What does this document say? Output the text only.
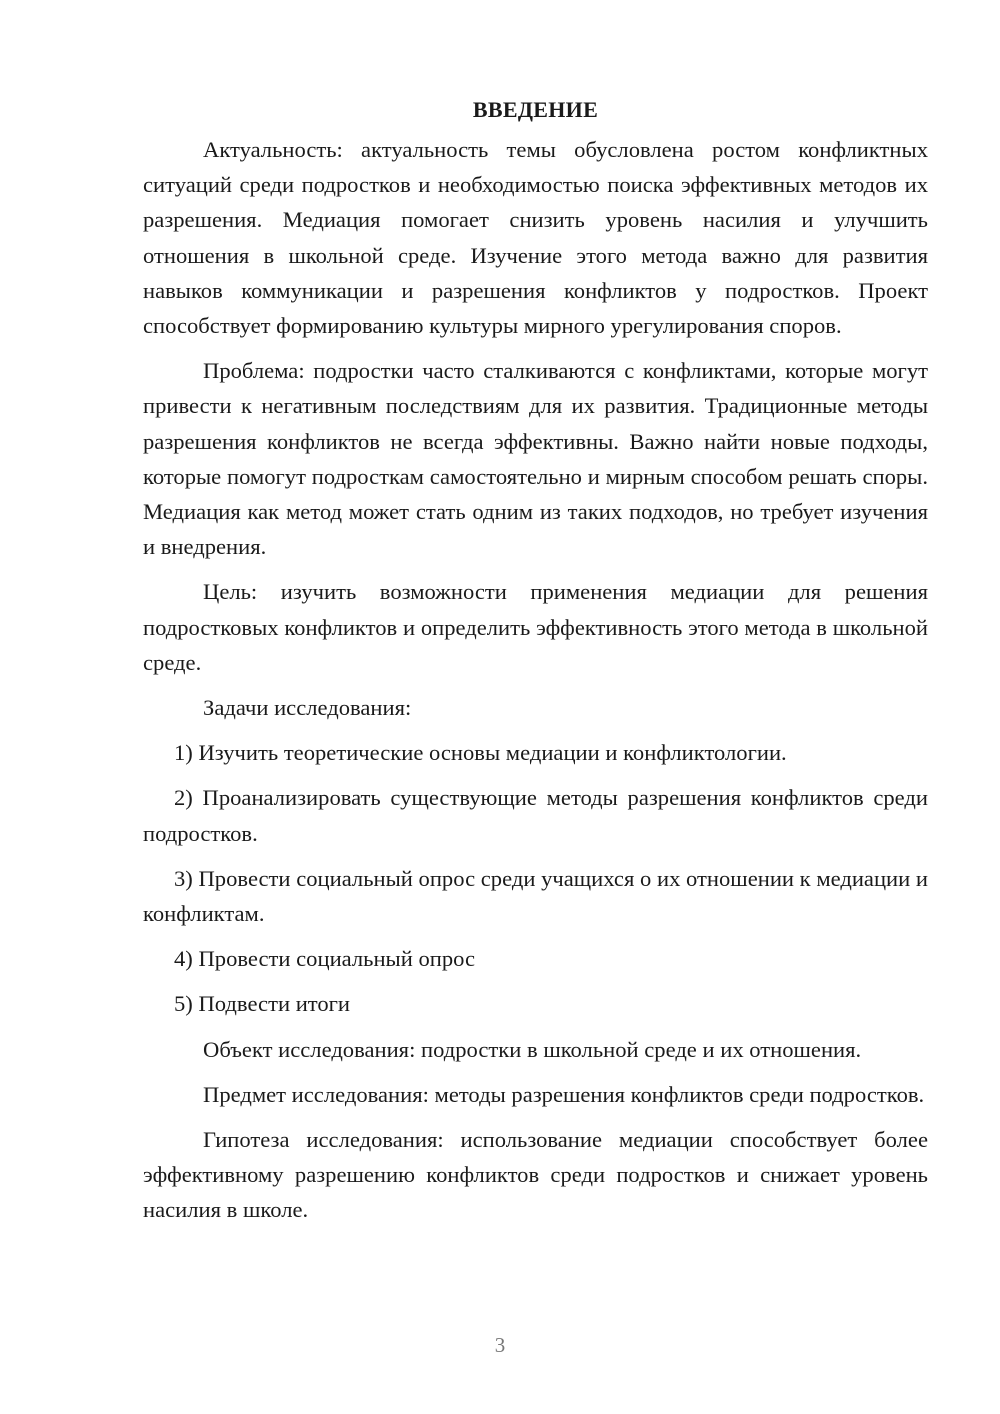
ВВЕДЕНИЕ

Актуальность: актуальность темы обусловлена ростом конфликтных ситуаций среди подростков и необходимостью поиска эффективных методов их разрешения. Медиация помогает снизить уровень насилия и улучшить отношения в школьной среде. Изучение этого метода важно для развития навыков коммуникации и разрешения конфликтов у подростков. Проект способствует формированию культуры мирного урегулирования споров.

Проблема: подростки часто сталкиваются с конфликтами, которые могут привести к негативным последствиям для их развития. Традиционные методы разрешения конфликтов не всегда эффективны. Важно найти новые подходы, которые помогут подросткам самостоятельно и мирным способом решать споры. Медиация как метод может стать одним из таких подходов, но требует изучения и внедрения.

Цель: изучить возможности применения медиации для решения подростковых конфликтов и определить эффективность этого метода в школьной среде.

Задачи исследования:

1) Изучить теоретические основы медиации и конфликтологии.

2) Проанализировать существующие методы разрешения конфликтов среди подростков.

3) Провести социальный опрос среди учащихся о их отношении к медиации и конфликтам.

4) Провести социальный опрос

5) Подвести итоги

Объект исследования: подростки в школьной среде и их отношения.

Предмет исследования: методы разрешения конфликтов среди подростков.

Гипотеза исследования: использование медиации способствует более эффективному разрешению конфликтов среди подростков и снижает уровень насилия в школе.

3
